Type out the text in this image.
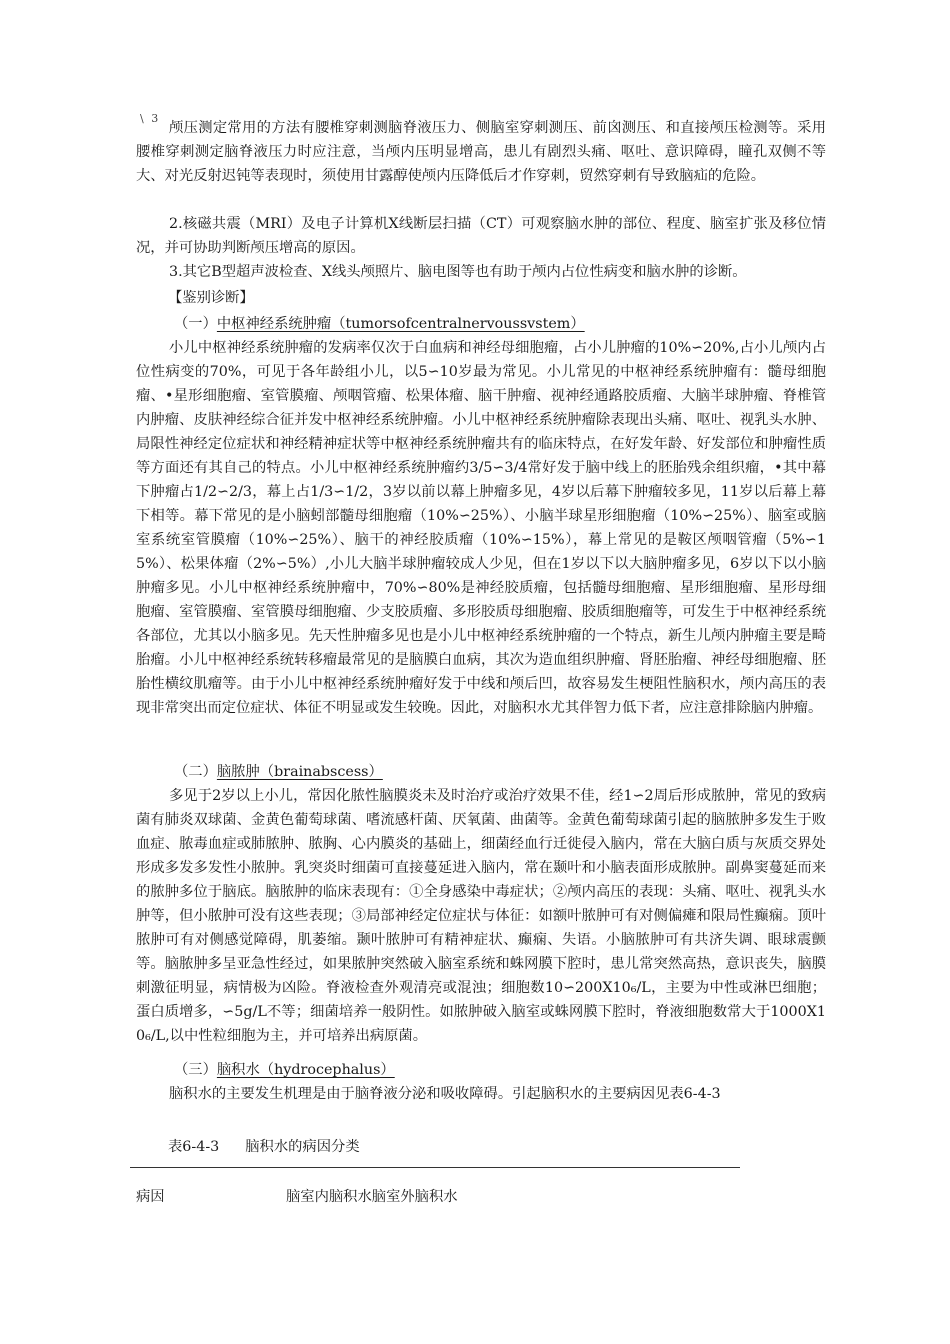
\ 3

颅压测定常用的方法有腰椎穿刺测脑脊液压力、侧脑室穿刺测压、前囟测压、和直接颅压检测等。采用腰椎穿刺测定脑脊液压力时应注意，当颅内压明显增高，患儿有剧烈头痛、呕吐、意识障碍，瞳孔双侧不等大、对光反射迟钝等表现时，须使用甘露醇使颅内压降低后才作穿刺，贸然穿刺有导致脑疝的危险。

2.核磁共震（MRI）及电子计算机X线断层扫描（CT）可观察脑水肿的部位、程度、脑室扩张及移位情况，并可协助判断颅压增高的原因。

3.其它B型超声波检查、X线头颅照片、脑电图等也有助于颅内占位性病变和脑水肿的诊断。

【鉴别诊断】
（一）中枢神经系统肿瘤（tumorsofcentralnervoussvstem）

小儿中枢神经系统肿瘤的发病率仅次于白血病和神经母细胞瘤，占小儿肿瘤的10%∽20%,占小儿颅内占位性病变的70%，可见于各年龄组小儿，以5∽10岁最为常见。小儿常见的中枢神经系统肿瘤有：髓母细胞瘤、•星形细胞瘤、室管膜瘤、颅咽管瘤、松果体瘤、脑干肿瘤、视神经通路胶质瘤、大脑半球肿瘤、脊椎管内肿瘤、皮肤神经综合征并发中枢神经系统肿瘤。小儿中枢神经系统肿瘤除表现出头痛、呕吐、视乳头水肿、局限性神经定位症状和神经精神症状等中枢神经系统肿瘤共有的临床特点，在好发年龄、好发部位和肿瘤性质等方面还有其自己的特点。小儿中枢神经系统肿瘤约3/5∽3/4常好发于脑中线上的胚胎残余组织瘤，•其中幕下肿瘤占1/2∽2/3，幕上占1/3∽1/2，3岁以前以幕上肿瘤多见，4岁以后幕下肿瘤较多见，11岁以后幕上幕下相等。幕下常见的是小脑蚓部髓母细胞瘤（10%∽25%）、小脑半球星形细胞瘤（10%∽25%）、脑室或脑室系统室管膜瘤（10%∽25%）、脑干的神经胶质瘤（10%∽15%），幕上常见的是鞍区颅咽管瘤（5%∽15%）、松果体瘤（2%∽5%）,小儿大脑半球肿瘤较成人少见，但在1岁以下以大脑肿瘤多见，6岁以下以小脑肿瘤多见。小儿中枢神经系统肿瘤中，70%∽80%是神经胶质瘤，包括髓母细胞瘤、星形细胞瘤、星形母细胞瘤、室管膜瘤、室管膜母细胞瘤、少支胶质瘤、多形胶质母细胞瘤、胶质细胞瘤等，可发生于中枢神经系统各部位，尤其以小脑多见。先天性肿瘤多见也是小儿中枢神经系统肿瘤的一个特点，新生儿颅内肿瘤主要是畸胎瘤。小儿中枢神经系统转移瘤最常见的是脑膜白血病，其次为造血组织肿瘤、肾胚胎瘤、神经母细胞瘤、胚胎性横纹肌瘤等。由于小儿中枢神经系统肿瘤好发于中线和颅后凹，故容易发生梗阻性脑积水，颅内高压的表现非常突出而定位症状、体征不明显或发生较晚。因此，对脑积水尤其伴智力低下者，应注意排除脑内肿瘤。

（二）脑脓肿（brainabscess）

多见于2岁以上小儿，常因化脓性脑膜炎未及时治疗或治疗效果不佳，经1∽2周后形成脓肿，常见的致病菌有肺炎双球菌、金黄色葡萄球菌、嗜流感杆菌、厌氧菌、曲菌等。金黄色葡萄球菌引起的脑脓肿多发生于败血症、脓毒血症或肺脓肿、脓胸、心内膜炎的基础上，细菌经血行迁徙侵入脑内，常在大脑白质与灰质交界处形成多发多发性小脓肿。乳突炎时细菌可直接蔓延进入脑内，常在颞叶和小脑表面形成脓肿。副鼻窦蔓延而来的脓肿多位于脑底。脑脓肿的临床表现有：①全身感染中毒症状；②颅内高压的表现：头痛、呕吐、视乳头水肿等，但小脓肿可没有这些表现；③局部神经定位症状与体征：如额叶脓肿可有对侧偏瘫和限局性癫痫。顶叶脓肿可有对侧感觉障碍，肌萎缩。颞叶脓肿可有精神症状、癫痫、失语。小脑脓肿可有共济失调、眼球震颤等。脑脓肿多呈亚急性经过，如果脓肿突然破入脑室系统和蛛网膜下腔时，患儿常突然高热，意识丧失，脑膜刺激征明显，病情极为凶险。脊液检查外观清亮或混浊；细胞数10∽200X10₆/L，主要为中性或淋巴细胞；蛋白质增多，∽5g/L不等；细菌培养一般阴性。如脓肿破入脑室或蛛网膜下腔时，脊液细胞数常大于1000X10₆/L,以中性粒细胞为主，并可培养出病原菌。

（三）脑积水（hydrocephalus）

脑积水的主要发生机理是由于脑脊液分泌和吸收障碍。引起脑积水的主要病因见表6-4-3

表6-4-3 脑积水的病因分类
病因	脑室内脑积水脑室外脑积水
